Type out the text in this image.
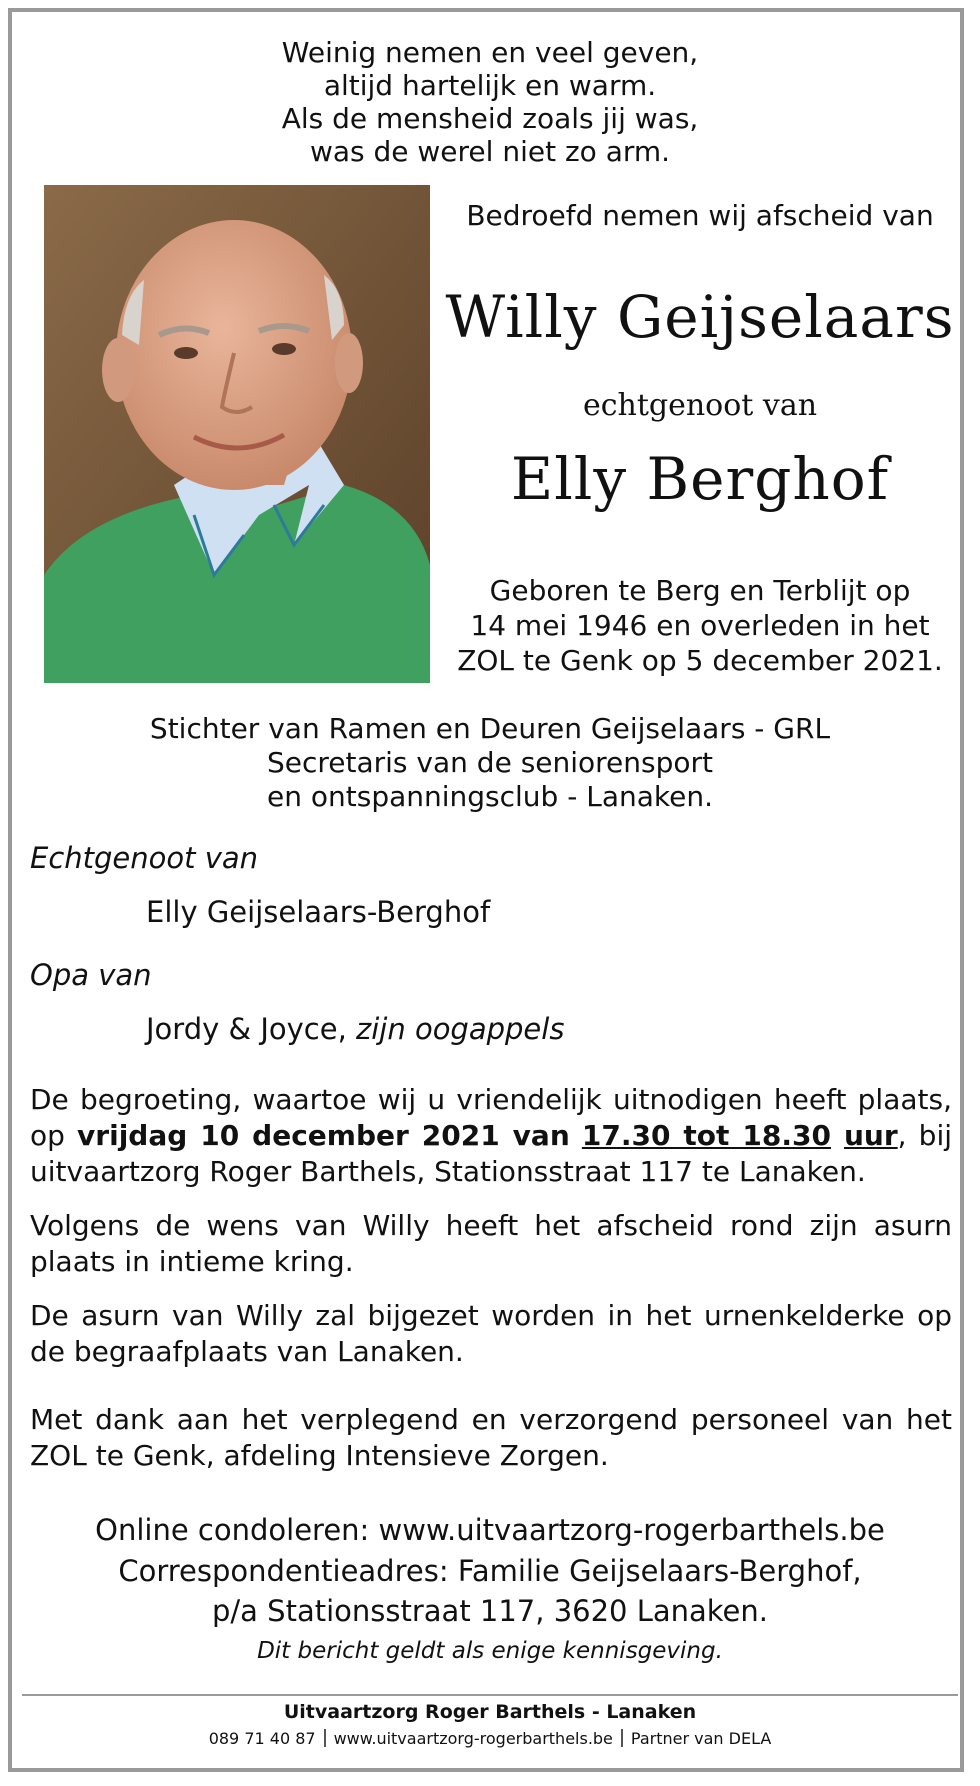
Weinig nemen en veel geven,
altijd hartelijk en warm.
Als de mensheid zoals jij was,
was de werel niet zo arm.
Bedroefd nemen wij afscheid van
Willy Geijselaars
echtgenoot van
Elly Berghof
Geboren te Berg en Terblijt op
14 mei 1946 en overleden in het
ZOL te Genk op 5 december 2021.
Stichter van Ramen en Deuren Geijselaars - GRL
Secretaris van de seniorensport
en ontspanningsclub - Lanaken.
Echtgenoot van
Elly Geijselaars-Berghof
Opa van
Jordy & Joyce, zijn oogappels
De begroeting, waartoe wij u vriendelijk uitnodigen heeft plaats, op vrijdag 10 december 2021 van 17.30 tot 18.30 uur, bij uitvaartzorg Roger Barthels, Stationsstraat 117 te Lanaken.
Volgens de wens van Willy heeft het afscheid rond zijn asurn plaats in intieme kring.
De asurn van Willy zal bijgezet worden in het urnenkelderke op de begraafplaats van Lanaken.
Met dank aan het verplegend en verzorgend personeel van het ZOL te Genk, afdeling Intensieve Zorgen.
Online condoleren: www.uitvaartzorg-rogerbarthels.be
Correspondentieadres: Familie Geijselaars-Berghof,
p/a Stationsstraat 117, 3620 Lanaken.
Dit bericht geldt als enige kennisgeving.
Uitvaartzorg Roger Barthels - Lanaken
089 71 40 87 www.uitvaartzorg-rogerbarthels.be Partner van DELA
